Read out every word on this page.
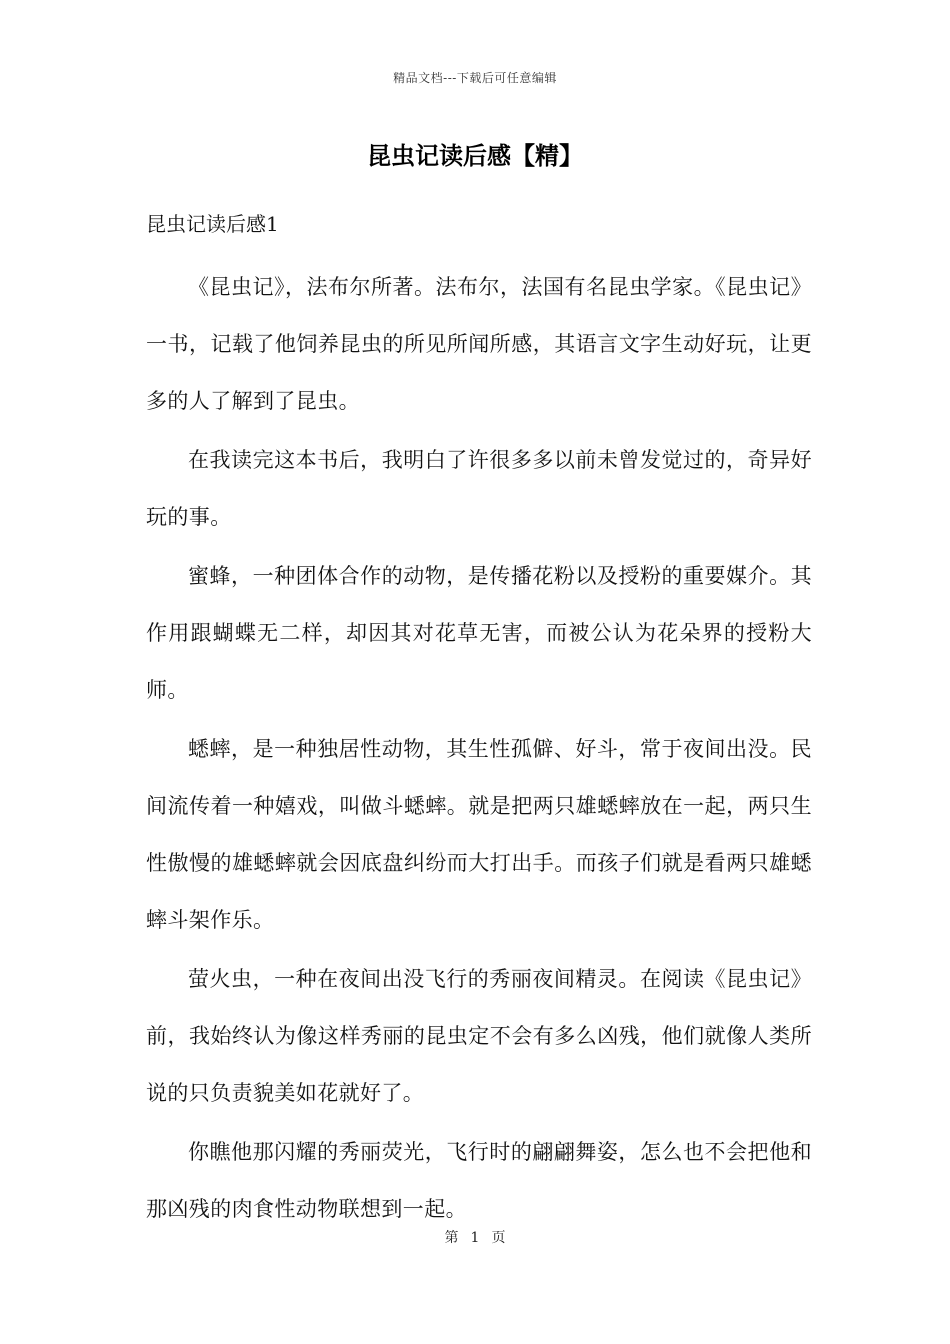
精品文档---下载后可任意编辑
昆虫记读后感【精】
昆虫记读后感1

《昆虫记》，法布尔所著。法布尔，法国有名昆虫学家。《昆虫记》一书，记载了他饲养昆虫的所见所闻所感，其语言文字生动好玩，让更多的人了解到了昆虫。

在我读完这本书后，我明白了许很多多以前未曾发觉过的，奇异好玩的事。

蜜蜂，一种团体合作的动物，是传播花粉以及授粉的重要媒介。其作用跟蝴蝶无二样，却因其对花草无害，而被公认为花朵界的授粉大师。

蟋蟀，是一种独居性动物，其生性孤僻、好斗，常于夜间出没。民间流传着一种嬉戏，叫做斗蟋蟀。就是把两只雄蟋蟀放在一起，两只生性傲慢的雄蟋蟀就会因底盘纠纷而大打出手。而孩子们就是看两只雄蟋蟀斗架作乐。

萤火虫，一种在夜间出没飞行的秀丽夜间精灵。在阅读《昆虫记》前，我始终认为像这样秀丽的昆虫定不会有多么凶残，他们就像人类所说的只负责貌美如花就好了。

你瞧他那闪耀的秀丽荧光，飞行时的翩翩舞姿，怎么也不会把他和那凶残的肉食性动物联想到一起。

第 1 页
